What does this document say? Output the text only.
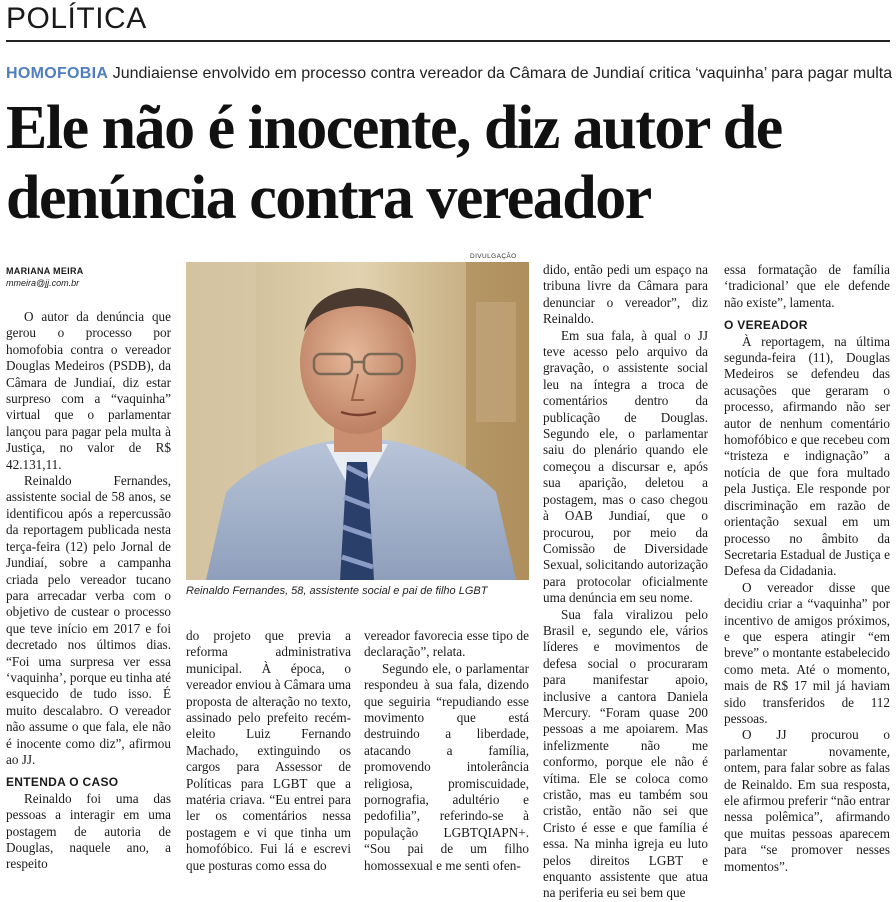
POLÍTICA
HOMOFOBIA Jundiaiense envolvido em processo contra vereador da Câmara de Jundiaí critica ‘vaquinha’ para pagar multa
Ele não é inocente, diz autor de denúncia contra vereador
MARIANA MEIRA
mmeira@jj.com.br
DIVULGAÇÃO
Reinaldo Fernandes, 58, assistente social e pai de filho LGBT

O autor da denúncia que gerou o processo por homofobia contra o vereador Douglas Medeiros (PSDB), da Câmara de Jundiaí, diz estar surpreso com a “vaquinha” virtual que o parlamentar lançou para pagar pela multa à Justiça, no valor de R$ 42.131,11.

Reinaldo Fernandes, assistente social de 58 anos, se identificou após a repercussão da reportagem publicada nesta terça-feira (12) pelo Jornal de Jundiaí, sobre a campanha criada pelo vereador tucano para arrecadar verba com o objetivo de custear o processo que teve início em 2017 e foi decretado nos últimos dias. “Foi uma surpresa ver essa ‘vaquinha’, porque eu tinha até esquecido de tudo isso. É muito descalabro. O vereador não assume o que fala, ele não é inocente como diz”, afirmou ao JJ.

ENTENDA O CASO

Reinaldo foi uma das pessoas a interagir em uma postagem de autoria de Douglas, naquele ano, a respeito

do projeto que previa a reforma administrativa municipal. À época, o vereador enviou à Câmara uma proposta de alteração no texto, assinado pelo prefeito recém-eleito Luiz Fernando Machado, extinguindo os cargos para Assessor de Políticas para LGBT que a matéria criava. “Eu entrei para ler os comentários nessa postagem e vi que tinha um homofóbico. Fui lá e escrevi que posturas como essa do

vereador favorecia esse tipo de declaração”, relata.

Segundo ele, o parlamentar respondeu à sua fala, dizendo que seguiria “repudiando esse movimento que está destruindo a liberdade, atacando a família, promovendo intolerância religiosa, promiscuidade, pornografia, adultério e pedofilia”, referindo-se à população LGBTQIAPN+. “Sou pai de um filho homossexual e me senti ofen-

dido, então pedi um espaço na tribuna livre da Câmara para denunciar o vereador”, diz Reinaldo.

Em sua fala, à qual o JJ teve acesso pelo arquivo da gravação, o assistente social leu na íntegra a troca de comentários dentro da publicação de Douglas. Segundo ele, o parlamentar saiu do plenário quando ele começou a discursar e, após sua aparição, deletou a postagem, mas o caso chegou à OAB Jundiaí, que o procurou, por meio da Comissão de Diversidade Sexual, solicitando autorização para protocolar oficialmente uma denúncia em seu nome.

Sua fala viralizou pelo Brasil e, segundo ele, vários líderes e movimentos de defesa social o procuraram para manifestar apoio, inclusive a cantora Daniela Mercury. “Foram quase 200 pessoas a me apoiarem. Mas infelizmente não me conformo, porque ele não é vítima. Ele se coloca como cristão, mas eu também sou cristão, então não sei que Cristo é esse e que família é essa. Na minha igreja eu luto pelos direitos LGBT e enquanto assistente que atua na periferia eu sei bem que

essa formatação de família ‘tradicional’ que ele defende não existe”, lamenta.

O VEREADOR

À reportagem, na última segunda-feira (11), Douglas Medeiros se defendeu das acusações que geraram o processo, afirmando não ser autor de nenhum comentário homofóbico e que recebeu com “tristeza e indignação” a notícia de que fora multado pela Justiça. Ele responde por discriminação em razão de orientação sexual em um processo no âmbito da Secretaria Estadual de Justiça e Defesa da Cidadania.

O vereador disse que decidiu criar a “vaquinha” por incentivo de amigos próximos, e que espera atingir “em breve” o montante estabelecido como meta. Até o momento, mais de R$ 17 mil já haviam sido transferidos de 112 pessoas.

O JJ procurou o parlamentar novamente, ontem, para falar sobre as falas de Reinaldo. Em sua resposta, ele afirmou preferir “não entrar nessa polêmica”, afirmando que muitas pessoas aparecem para “se promover nesses momentos”.
